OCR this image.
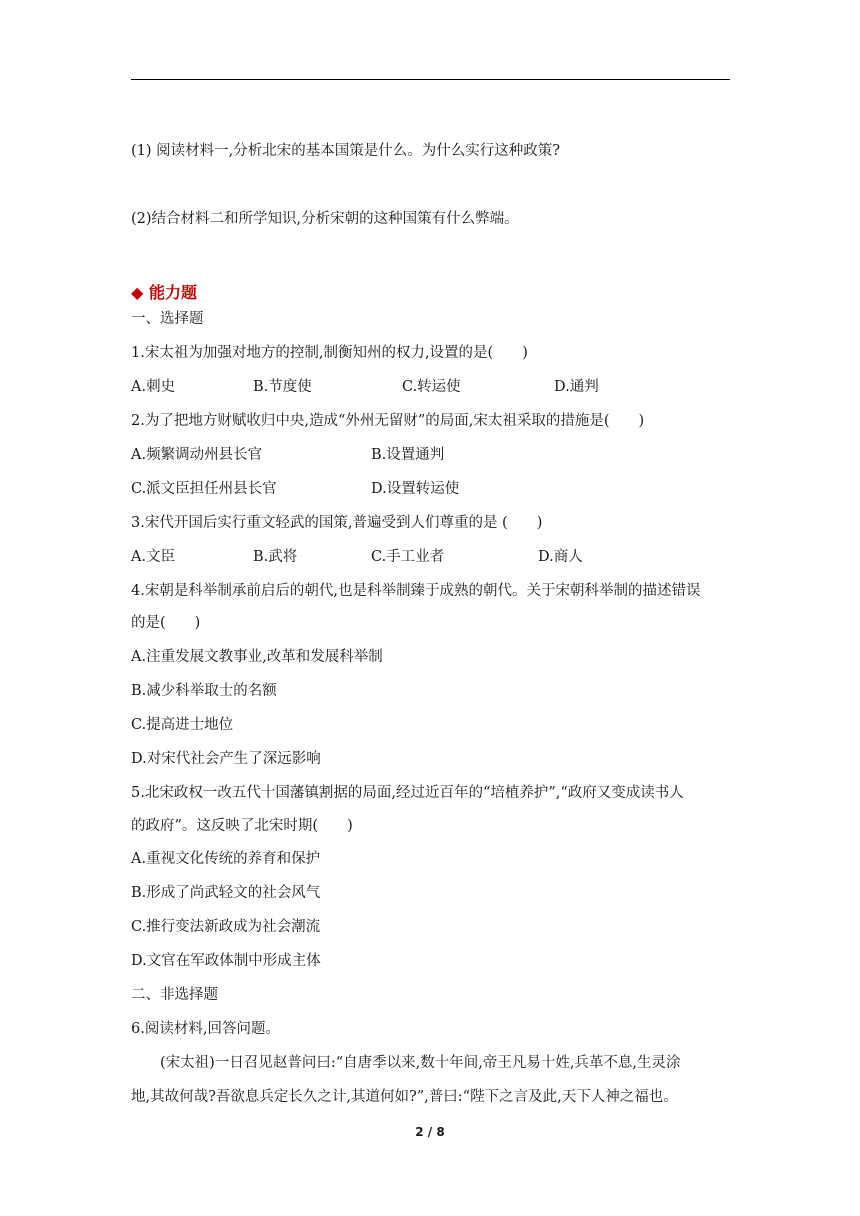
(1) 阅读材料一,分析北宋的基本国策是什么。为什么实行这种政策?
(2)结合材料二和所学知识,分析宋朝的这种国策有什么弊端。
◆ 能力题
一、选择题
1.宋太祖为加强对地方的控制,制衡知州的权力,设置的是(　　)
A.刺史	B.节度使	C.转运使	D.通判
2.为了把地方财赋收归中央,造成“外州无留财”的局面,宋太祖采取的措施是(　　)
A.频繁调动州县长官	B.设置通判
C.派文臣担任州县长官	D.设置转运使
3.宋代开国后实行重文轻武的国策,普遍受到人们尊重的是 (　　)
A.文臣	B.武将	C.手工业者	D.商人
4.宋朝是科举制承前启后的朝代,也是科举制臻于成熟的朝代。关于宋朝科举制的描述错误
的是(　　)
A.注重发展文教事业,改革和发展科举制
B.减少科举取士的名额
C.提高进士地位
D.对宋代社会产生了深远影响
5.北宋政权一改五代十国藩镇割据的局面,经过近百年的“培植养护”,“政府又变成读书人
的政府”。这反映了北宋时期(　　)
A.重视文化传统的养育和保护
B.形成了尚武轻文的社会风气
C.推行变法新政成为社会潮流
D.文官在军政体制中形成主体
二、非选择题
6.阅读材料,回答问题。
(宋太祖)一日召见赵普问曰:“自唐季以来,数十年间,帝王凡易十姓,兵革不息,生灵涂
地,其故何哉?吾欲息兵定长久之计,其道何如?”,普曰:“陛下之言及此,天下人神之福也。
2 / 8
